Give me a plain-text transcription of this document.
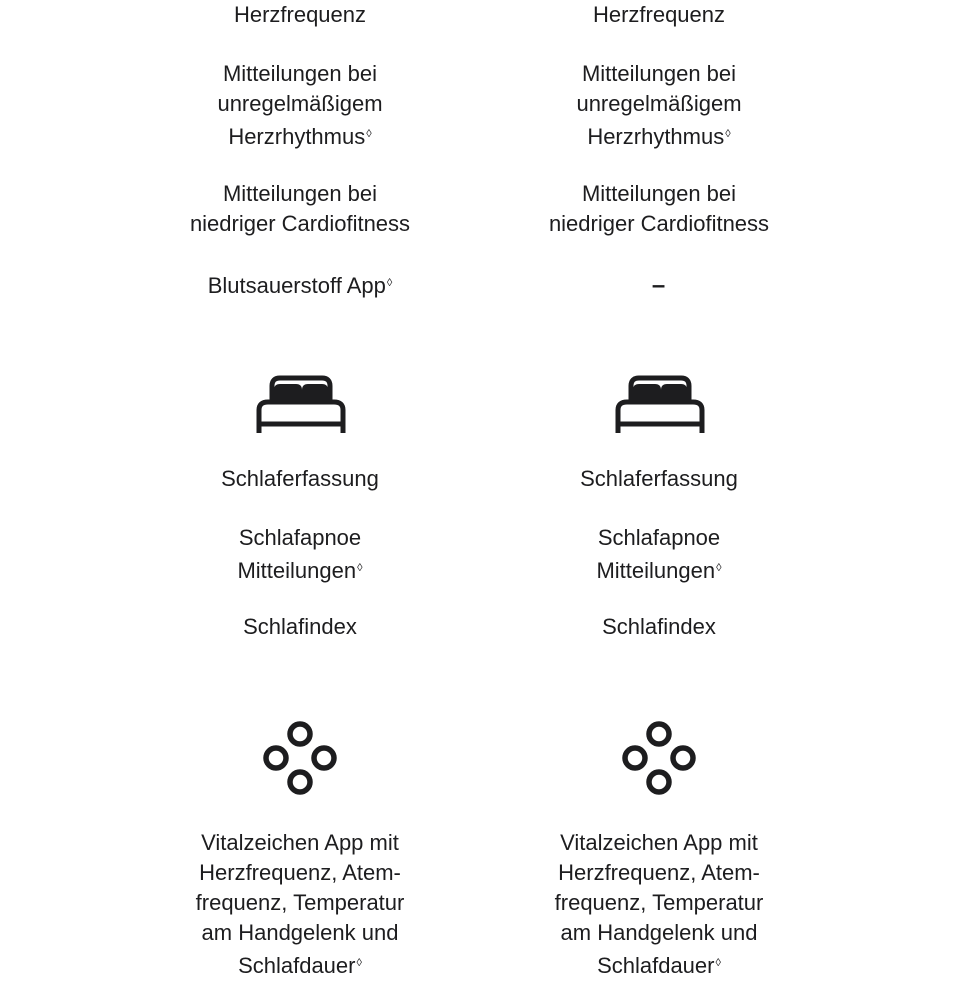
Herzfrequenz

Mitteilungen bei
unregelmäßigem
Herzrhythmus◊

Mitteilungen bei
niedriger Cardiofitness

Blutsauerstoff App◊

Schlaferfassung

Schlafapnoe
Mitteilungen◊

Schlafindex

Vitalzeichen App mit
Herzfrequenz, Atem-
frequenz, Temperatur
am Handgelenk und
Schlafdauer◊

Herzfrequenz

Mitteilungen bei
unregelmäßigem
Herzrhythmus◊

Mitteilungen bei
niedriger Cardiofitness

–

Schlaferfassung

Schlafapnoe
Mitteilungen◊

Schlafindex

Vitalzeichen App mit
Herzfrequenz, Atem-
frequenz, Temperatur
am Handgelenk und
Schlafdauer◊
